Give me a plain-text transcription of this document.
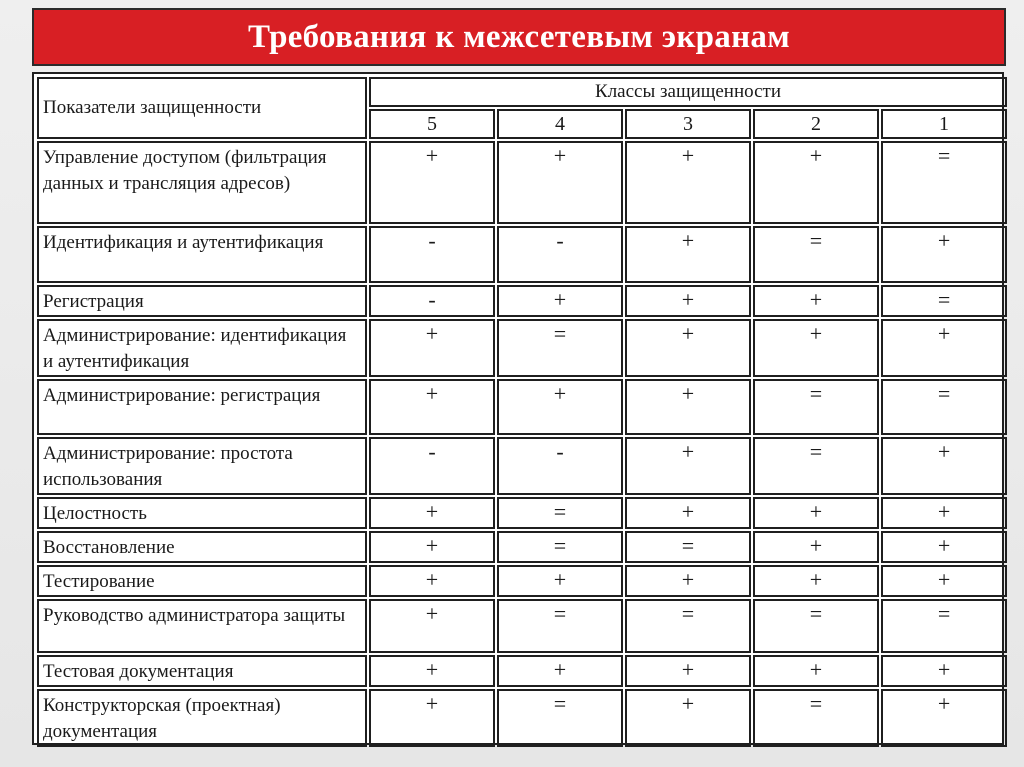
Требования к межсетевым экранам
Показатели защищенности	Классы защищенности				
	5	4	3	2	1
Управление доступом (фильтрация данных и трансляция адресов)	+	+	+	+	=
Идентификация и аутентификация	-	-	+	=	+
Регистрация	-	+	+	+	=
Администрирование: идентификация и аутентификация	+	=	+	+	+
Администрирование: регистрация	+	+	+	=	=
Администрирование: простота использования	-	-	+	=	+
Целостность	+	=	+	+	+
Восстановление	+	=	=	+	+
Тестирование	+	+	+	+	+
Руководство администратора защиты	+	=	=	=	=
Тестовая документация	+	+	+	+	+
Конструкторская (проектная) документация	+	=	+	=	+
